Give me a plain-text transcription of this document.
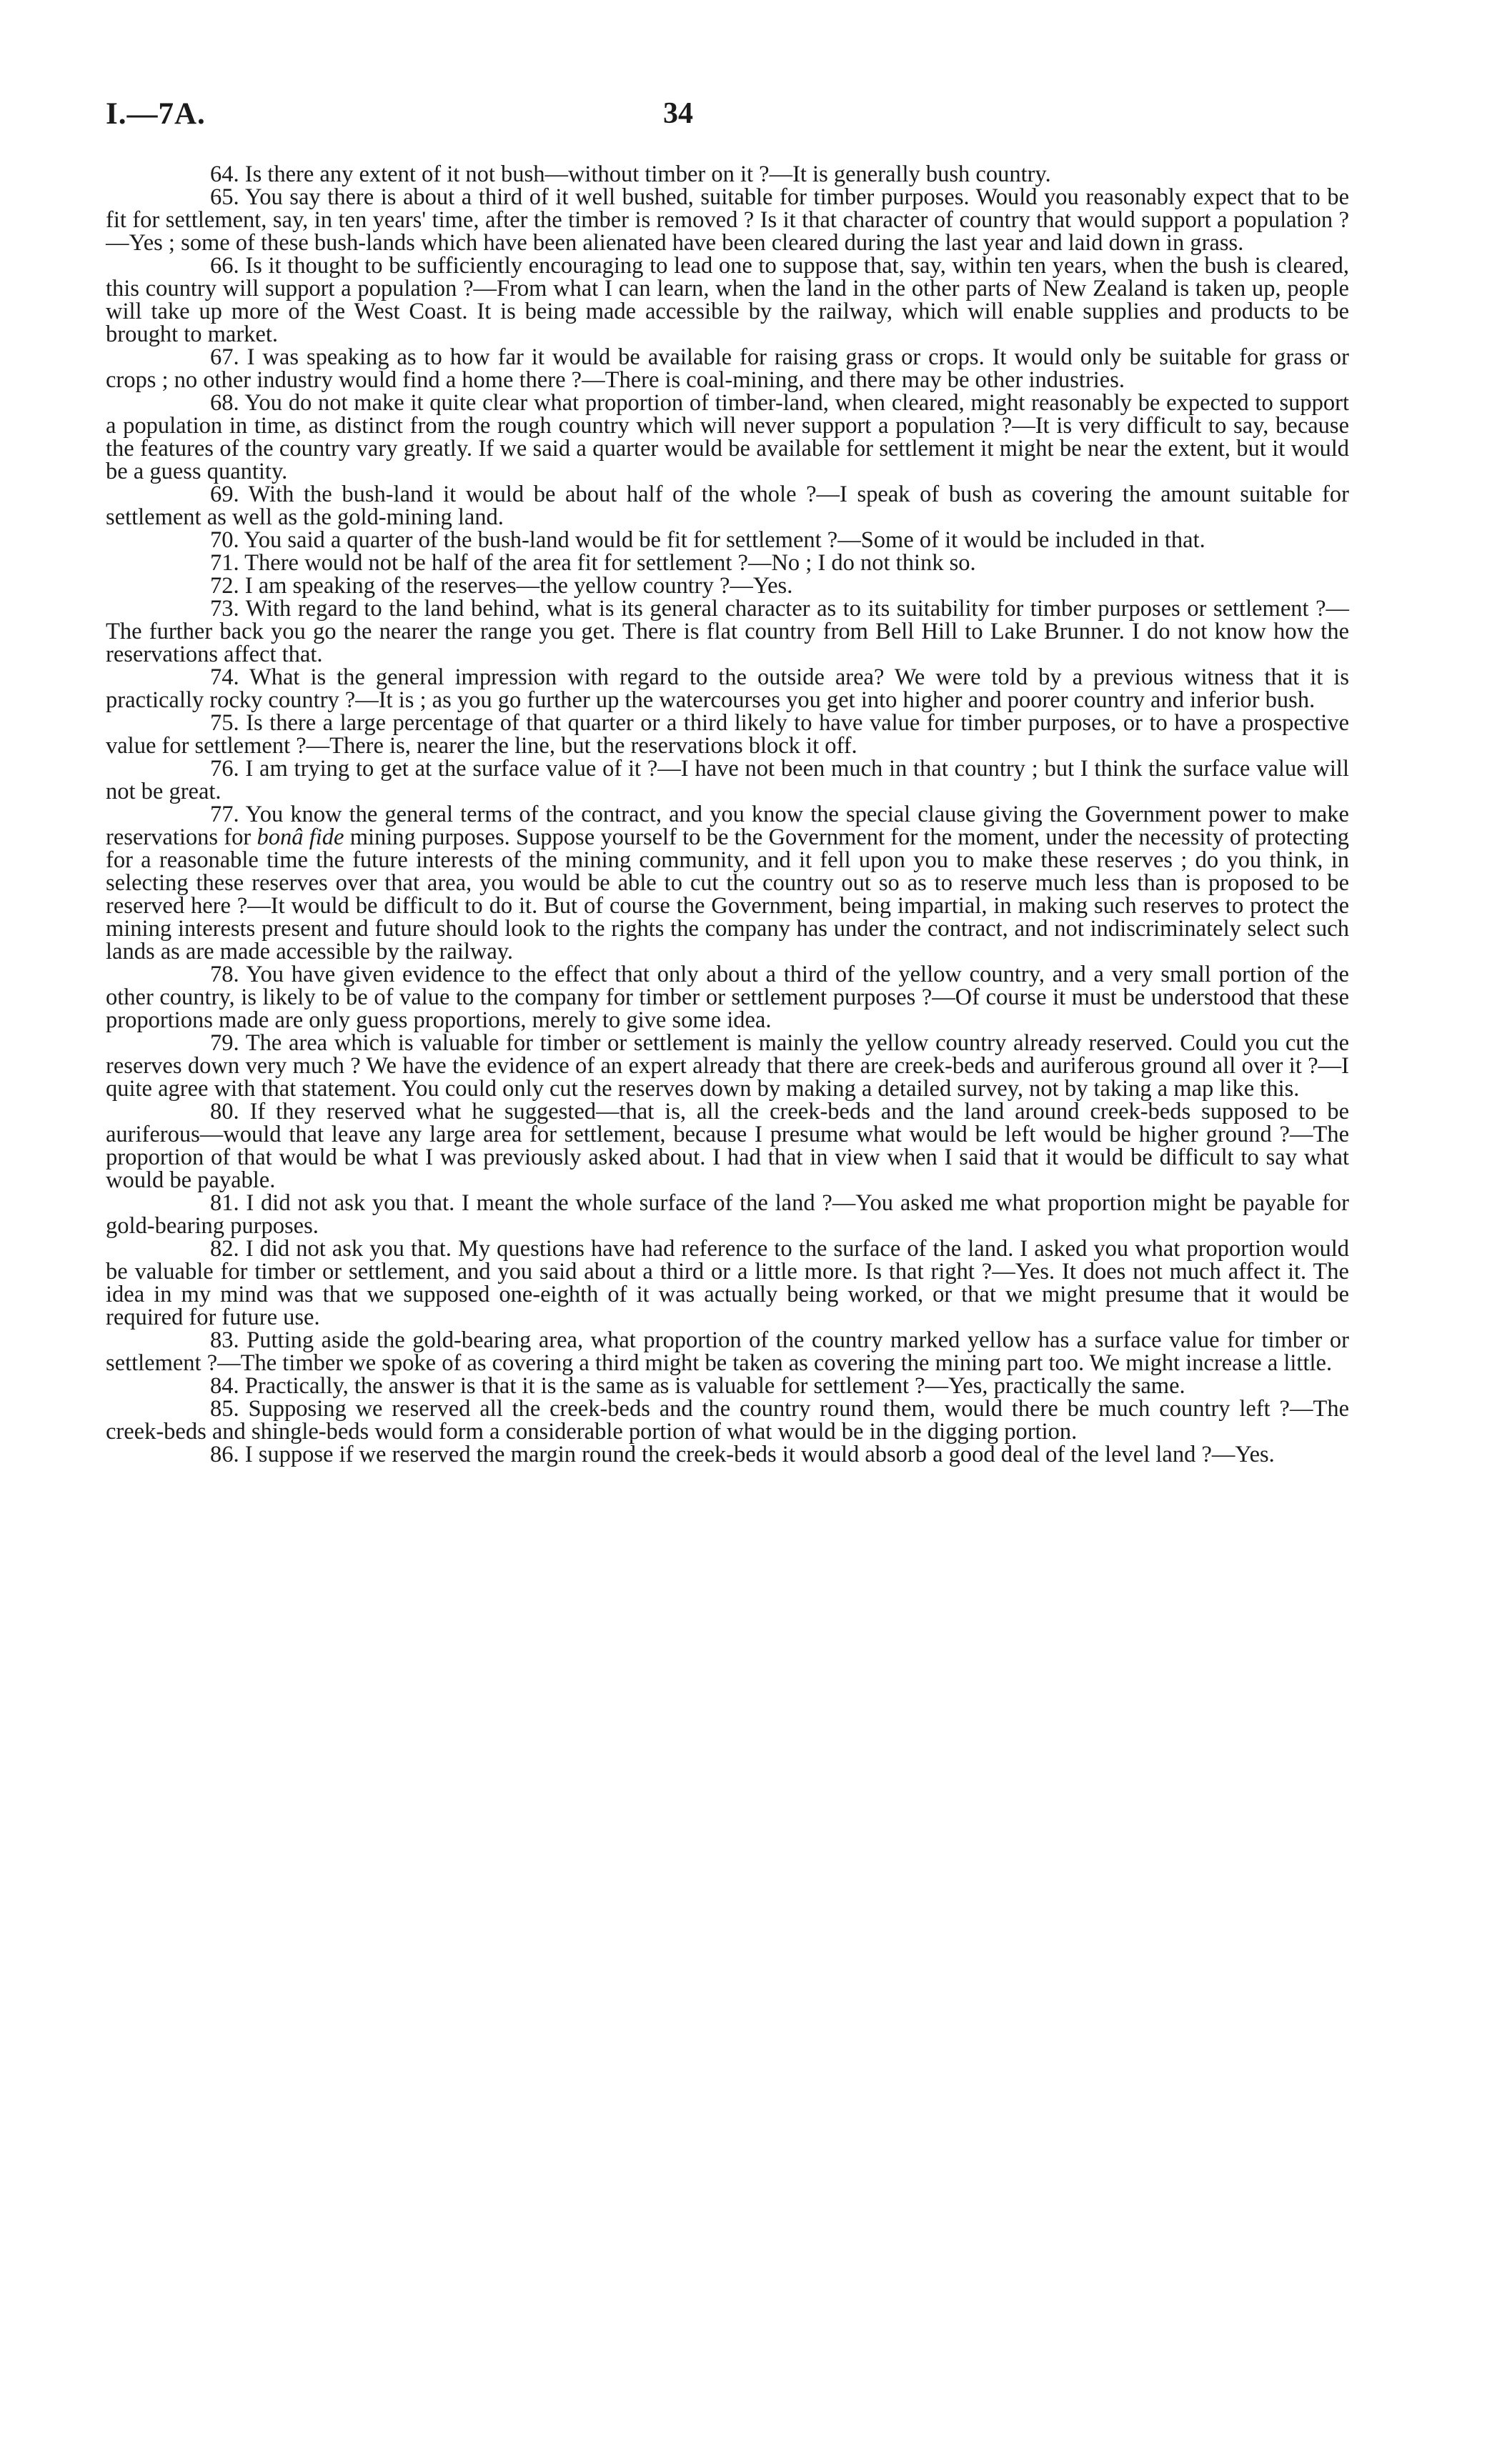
I.—7A.	34

64. Is there any extent of it not bush—without timber on it ?—It is generally bush country.

65. You say there is about a third of it well bushed, suitable for timber purposes. Would you reasonably expect that to be fit for settlement, say, in ten years' time, after the timber is removed ? Is it that character of country that would support a population ?—Yes ; some of these bush-lands which have been alienated have been cleared during the last year and laid down in grass.

66. Is it thought to be sufficiently encouraging to lead one to suppose that, say, within ten years, when the bush is cleared, this country will support a population ?—From what I can learn, when the land in the other parts of New Zealand is taken up, people will take up more of the West Coast. It is being made accessible by the railway, which will enable supplies and products to be brought to market.

67. I was speaking as to how far it would be available for raising grass or crops. It would only be suitable for grass or crops ; no other industry would find a home there ?—There is coal-mining, and there may be other industries.

68. You do not make it quite clear what proportion of timber-land, when cleared, might reasonably be expected to support a population in time, as distinct from the rough country which will never support a population ?—It is very difficult to say, because the features of the country vary greatly. If we said a quarter would be available for settlement it might be near the extent, but it would be a guess quantity.

69. With the bush-land it would be about half of the whole ?—I speak of bush as covering the amount suitable for settlement as well as the gold-mining land.

70. You said a quarter of the bush-land would be fit for settlement ?—Some of it would be included in that.

71. There would not be half of the area fit for settlement ?—No ; I do not think so.

72. I am speaking of the reserves—the yellow country ?—Yes.

73. With regard to the land behind, what is its general character as to its suitability for timber purposes or settlement ?—The further back you go the nearer the range you get. There is flat country from Bell Hill to Lake Brunner. I do not know how the reservations affect that.

74. What is the general impression with regard to the outside area? We were told by a previous witness that it is practically rocky country ?—It is ; as you go further up the watercourses you get into higher and poorer country and inferior bush.

75. Is there a large percentage of that quarter or a third likely to have value for timber purposes, or to have a prospective value for settlement ?—There is, nearer the line, but the reservations block it off.

76. I am trying to get at the surface value of it ?—I have not been much in that country ; but I think the surface value will not be great.

77. You know the general terms of the contract, and you know the special clause giving the Government power to make reservations for bonâ fide mining purposes. Suppose yourself to be the Government for the moment, under the necessity of protecting for a reasonable time the future interests of the mining community, and it fell upon you to make these reserves ; do you think, in selecting these reserves over that area, you would be able to cut the country out so as to reserve much less than is proposed to be reserved here ?—It would be difficult to do it. But of course the Government, being impartial, in making such reserves to protect the mining interests present and future should look to the rights the company has under the contract, and not indiscriminately select such lands as are made accessible by the railway.

78. You have given evidence to the effect that only about a third of the yellow country, and a very small portion of the other country, is likely to be of value to the company for timber or settlement purposes ?—Of course it must be understood that these proportions made are only guess proportions, merely to give some idea.

79. The area which is valuable for timber or settlement is mainly the yellow country already reserved. Could you cut the reserves down very much ? We have the evidence of an expert already that there are creek-beds and auriferous ground all over it ?—I quite agree with that statement. You could only cut the reserves down by making a detailed survey, not by taking a map like this.

80. If they reserved what he suggested—that is, all the creek-beds and the land around creek-beds supposed to be auriferous—would that leave any large area for settlement, because I presume what would be left would be higher ground ?—The proportion of that would be what I was previously asked about. I had that in view when I said that it would be difficult to say what would be payable.

81. I did not ask you that. I meant the whole surface of the land ?—You asked me what proportion might be payable for gold-bearing purposes.

82. I did not ask you that. My questions have had reference to the surface of the land. I asked you what proportion would be valuable for timber or settlement, and you said about a third or a little more. Is that right ?—Yes. It does not much affect it. The idea in my mind was that we supposed one-eighth of it was actually being worked, or that we might presume that it would be required for future use.

83. Putting aside the gold-bearing area, what proportion of the country marked yellow has a surface value for timber or settlement ?—The timber we spoke of as covering a third might be taken as covering the mining part too. We might increase a little.

84. Practically, the answer is that it is the same as is valuable for settlement ?—Yes, practically the same.

85. Supposing we reserved all the creek-beds and the country round them, would there be much country left ?—The creek-beds and shingle-beds would form a considerable portion of what would be in the digging portion.

86. I suppose if we reserved the margin round the creek-beds it would absorb a good deal of the level land ?—Yes.
